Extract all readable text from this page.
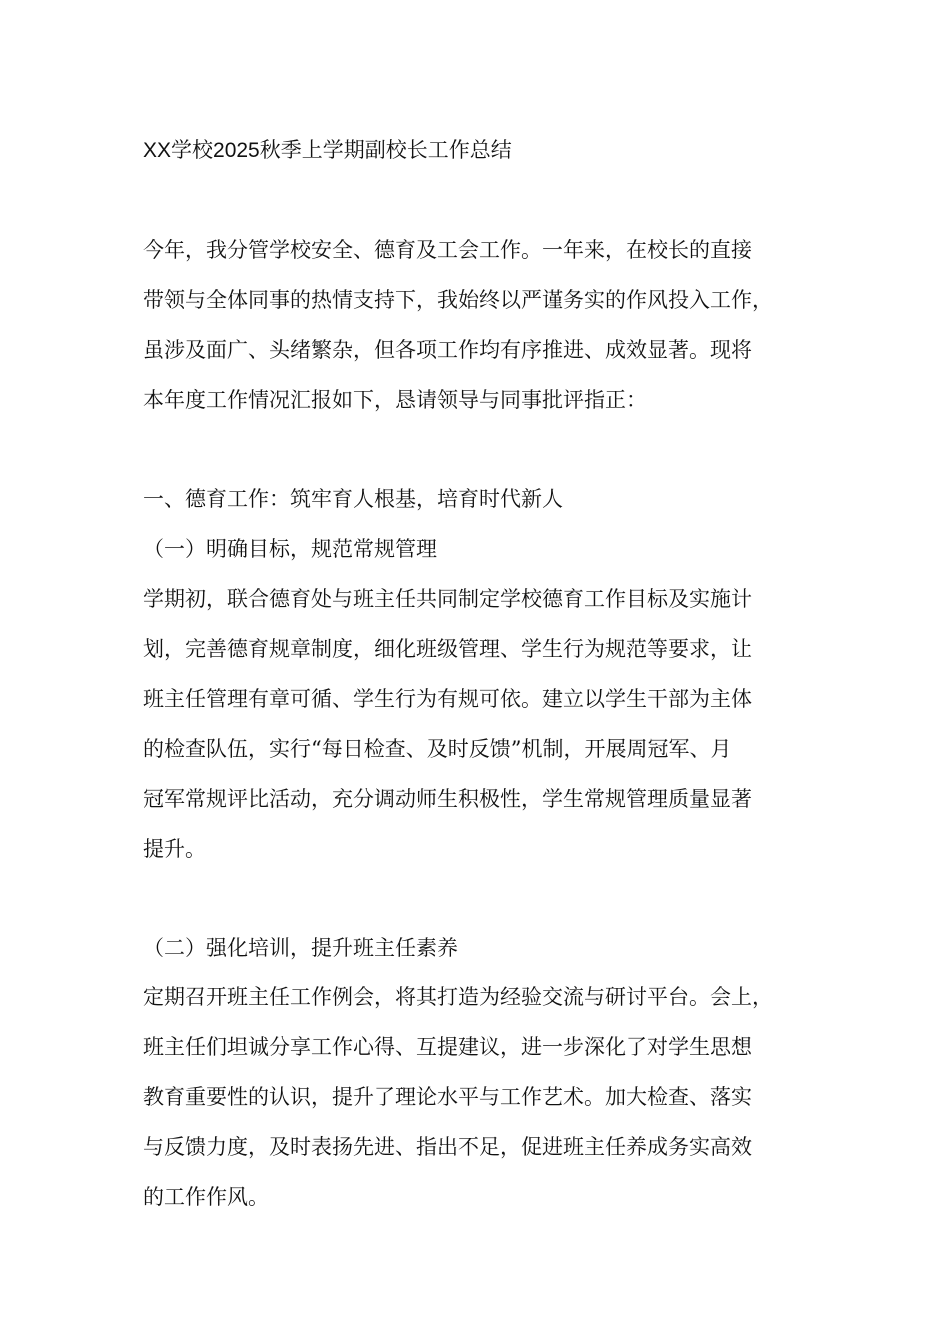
XX学校2025秋季上学期副校长工作总结
今年，我分管学校安全、德育及工会工作。一年来，在校长的直接
带领与全体同事的热情支持下，我始终以严谨务实的作风投入工作，
虽涉及面广、头绪繁杂，但各项工作均有序推进、成效显著。现将
本年度工作情况汇报如下，恳请领导与同事批评指正：
一、德育工作：筑牢育人根基，培育时代新人
（一）明确目标，规范常规管理
学期初，联合德育处与班主任共同制定学校德育工作目标及实施计
划，完善德育规章制度，细化班级管理、学生行为规范等要求，让
班主任管理有章可循、学生行为有规可依。建立以学生干部为主体
的检查队伍，实行“每日检查、及时反馈”机制，开展周冠军、月
冠军常规评比活动，充分调动师生积极性，学生常规管理质量显著
提升。
（二）强化培训，提升班主任素养
定期召开班主任工作例会，将其打造为经验交流与研讨平台。会上，
班主任们坦诚分享工作心得、互提建议，进一步深化了对学生思想
教育重要性的认识，提升了理论水平与工作艺术。加大检查、落实
与反馈力度，及时表扬先进、指出不足，促进班主任养成务实高效
的工作作风。
